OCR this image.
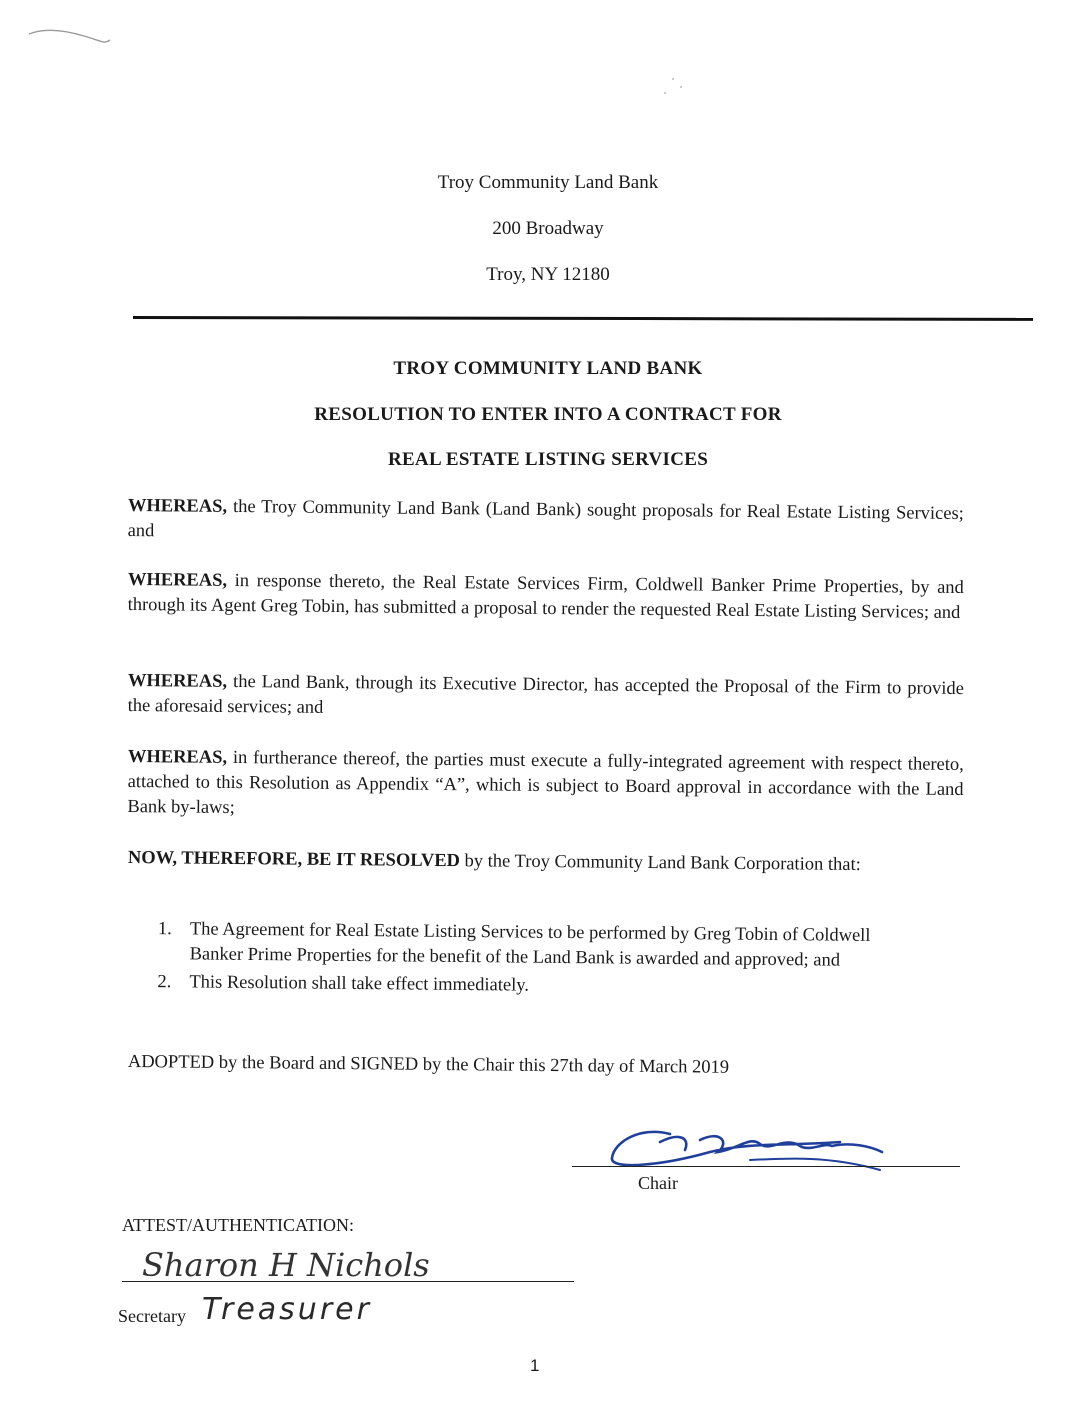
Troy Community Land Bank
200 Broadway
Troy, NY 12180
TROY COMMUNITY LAND BANK
RESOLUTION TO ENTER INTO A CONTRACT FOR
REAL ESTATE LISTING SERVICES
WHEREAS, the Troy Community Land Bank (Land Bank) sought proposals for Real Estate Listing Services; and
WHEREAS, in response thereto, the Real Estate Services Firm, Coldwell Banker Prime Properties, by and through its Agent Greg Tobin, has submitted a proposal to render the requested Real Estate Listing Services; and
WHEREAS, the Land Bank, through its Executive Director, has accepted the Proposal of the Firm to provide the aforesaid services; and
WHEREAS, in furtherance thereof, the parties must execute a fully-integrated agreement with respect thereto, attached to this Resolution as Appendix “A”, which is subject to Board approval in accordance with the Land Bank by-laws;
NOW, THEREFORE, BE IT RESOLVED by the Troy Community Land Bank Corporation that:
1. The Agreement for Real Estate Listing Services to be performed by Greg Tobin of Coldwell Banker Prime Properties for the benefit of the Land Bank is awarded and approved; and
2. This Resolution shall take effect immediately.
ADOPTED by the Board and SIGNED by the Chair this 27th day of March 2019
Chair
ATTEST/AUTHENTICATION:
Sharon H Nichols
Secretary Treasurer
1
